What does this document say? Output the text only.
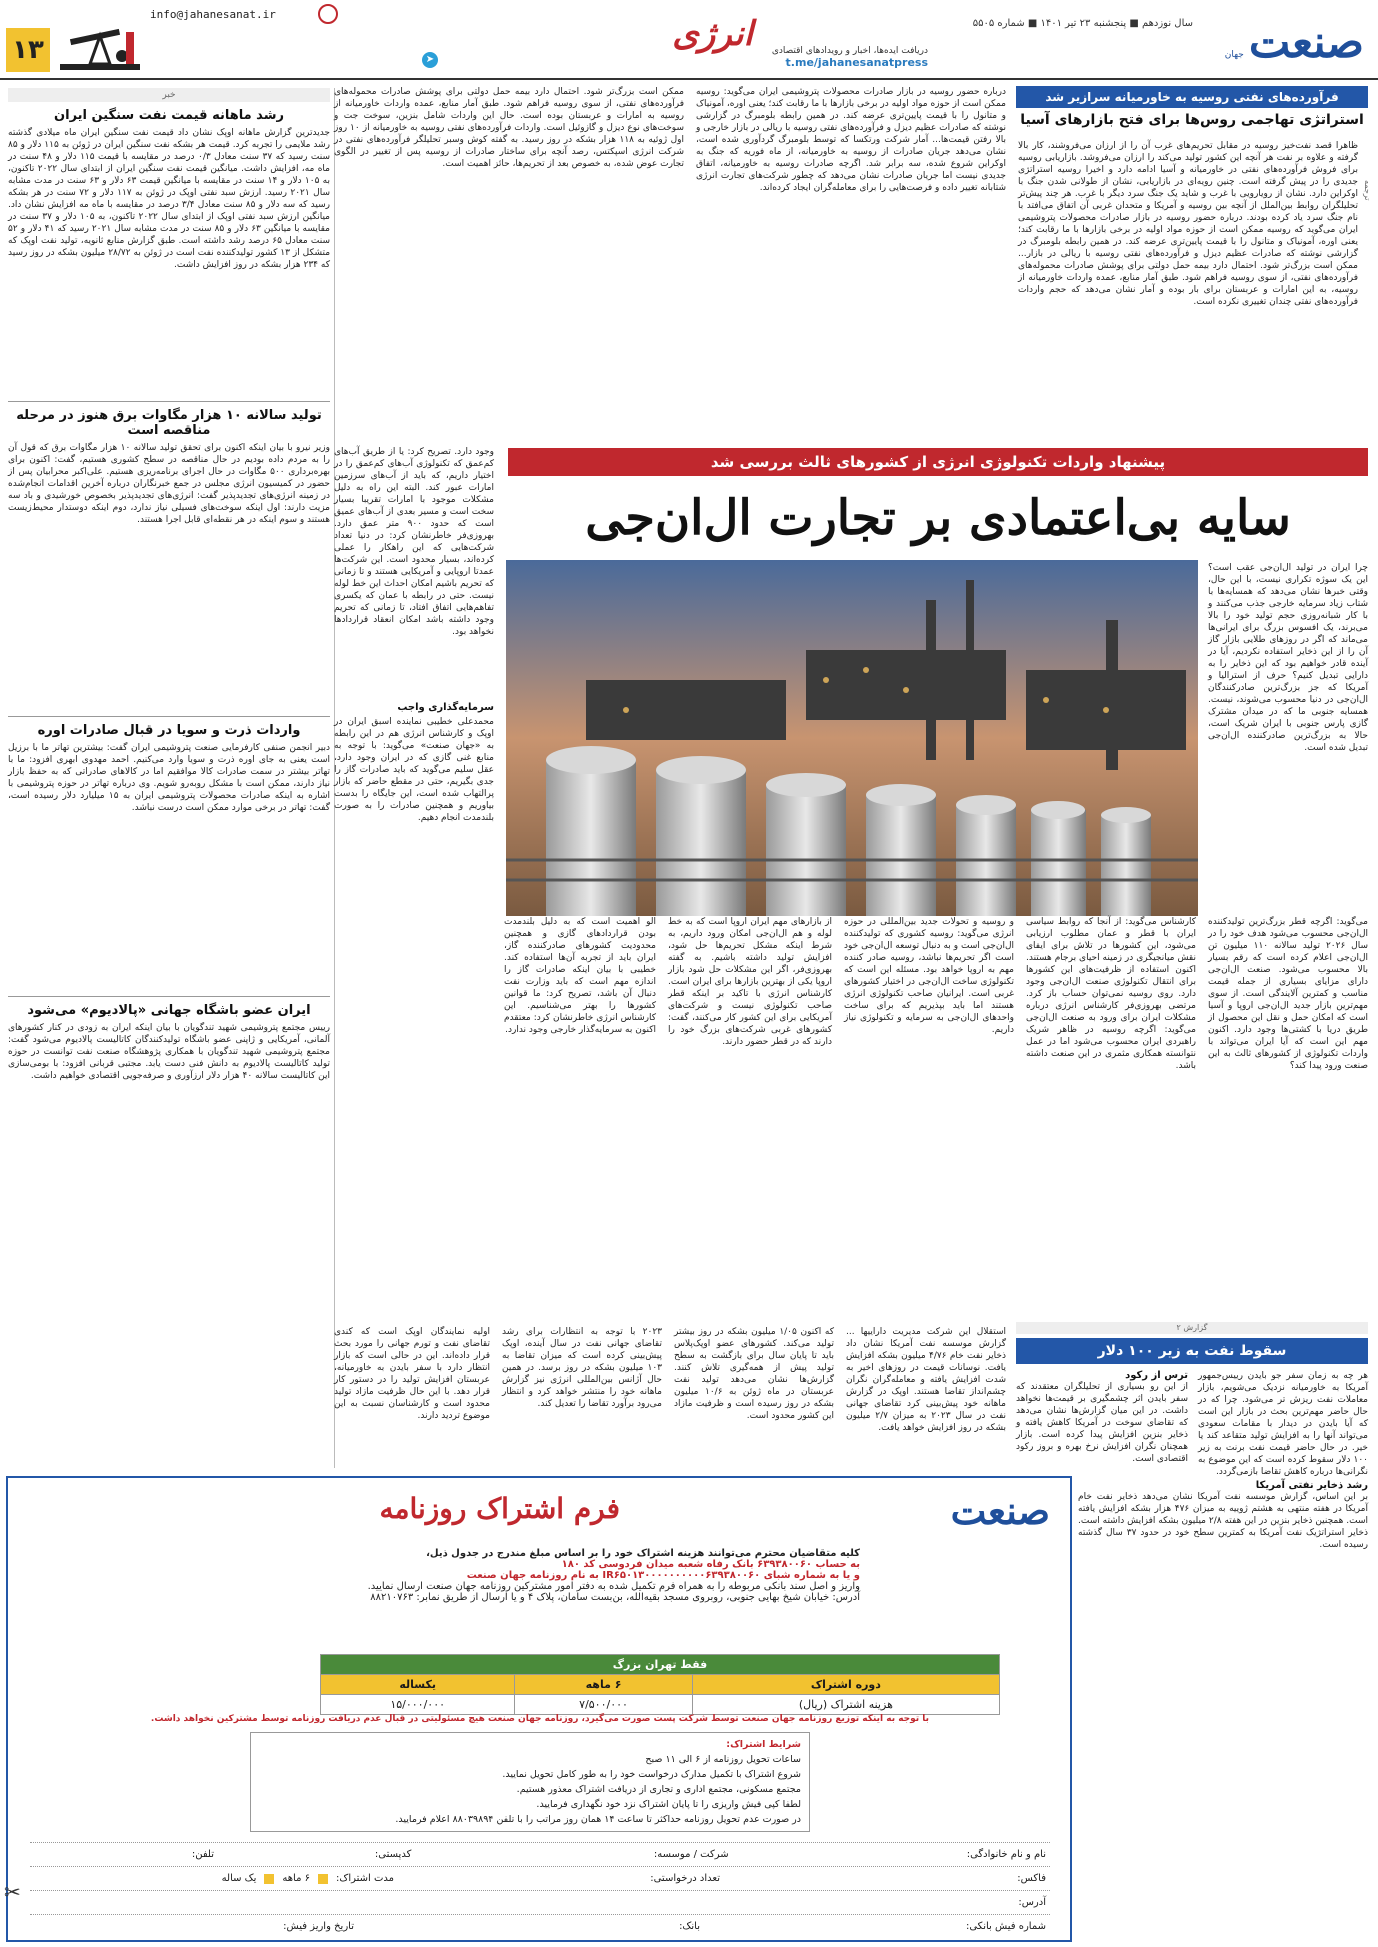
صنعت جهان
سال نوزدهم ■ پنجشنبه ۲۳ تیر ۱۴۰۱ ■ شماره ۵۵۰۵
انرژی	دریافت ایده‌ها، اخبار و رویدادهای اقتصادی
t.me/jahanesanatpress
➤
info@jahanesanat.ir
۱۳
خبر
رشد ماهانه قیمت نفت سنگین ایران
جدیدترین گزارش ماهانه اوپک نشان داد قیمت نفت سنگین ایران ماه میلادی گذشته رشد ملایمی را تجربه کرد. قیمت هر بشکه نفت سنگین ایران در ژوئن به ۱۱۵ دلار و ۸۵ سنت رسید که ۳۷ سنت معادل ۰/۳ درصد در مقایسه با قیمت ۱۱۵ دلار و ۴۸ سنت در ماه مه، افزایش داشت. میانگین قیمت نفت سنگین ایران از ابتدای سال ۲۰۲۲ تاکنون، به ۱۰۵ دلار و ۱۴ سنت در مقایسه با میانگین قیمت ۶۳ دلار و ۶۳ سنت در مدت مشابه سال ۲۰۲۱ رسید. ارزش سبد نفتی اوپک در ژوئن به ۱۱۷ دلار و ۷۲ سنت در هر بشکه رسید که سه دلار و ۸۵ سنت معادل ۳/۴ درصد در مقایسه با ماه مه افزایش نشان داد. میانگین ارزش سبد نفتی اوپک از ابتدای سال ۲۰۲۲ تاکنون، به ۱۰۵ دلار و ۳۷ سنت در مقایسه با میانگین ۶۳ دلار و ۸۵ سنت در مدت مشابه سال ۲۰۲۱ رسید که ۴۱ دلار و ۵۲ سنت معادل ۶۵ درصد رشد داشته است. طبق گزارش منابع ثانویه، تولید نفت اوپک که متشکل از ۱۳ کشور تولیدکننده نفت است در ژوئن به ۲۸/۷۲ میلیون بشکه در روز رسید که ۲۳۴ هزار بشکه در روز افزایش داشت.
تولید سالانه ۱۰ هزار مگاوات برق هنوز در مرحله مناقصه است
وزیر نیرو با بیان اینکه اکنون برای تحقق تولید سالانه ۱۰ هزار مگاوات برق که قول آن را به مردم داده بودیم در حال مناقصه در سطح کشوری هستیم، گفت: اکنون برای بهره‌برداری ۵۰۰ مگاوات در حال اجرای برنامه‌ریزی هستیم. علی‌اکبر محرابیان پس از حضور در کمیسیون انرژی مجلس در جمع خبرنگاران درباره آخرین اقدامات انجام‌شده در زمینه انرژی‌های تجدیدپذیر گفت: انرژی‌های تجدیدپذیر بخصوص خورشیدی و باد سه مزیت دارند: اول اینکه سوخت‌های فسیلی نیاز ندارد، دوم اینکه دوستدار محیط‌زیست هستند و سوم اینکه در هر نقطه‌ای قابل اجرا هستند.
واردات ذرت و سویا در قبال صادرات اوره
دبیر انجمن صنفی کارفرمایی صنعت پتروشیمی ایران گفت: بیشترین تهاتر ما با برزیل است یعنی به جای اوره ذرت و سویا وارد می‌کنیم. احمد مهدوی ابهری افزود: ما با تهاتر بیشتر در سمت صادرات کالا موافقیم اما در کالاهای صادراتی که به حفظ بازار نیاز دارند، ممکن است با مشکل روبه‌رو شویم. وی درباره تهاتر در حوزه پتروشیمی با اشاره به اینکه صادرات محصولات پتروشیمی ایران به ۱۵ میلیارد دلار رسیده است، گفت: تهاتر در برخی موارد ممکن است درست نباشد.
ایران عضو باشگاه جهانی «پالادیوم» می‌شود
رییس مجتمع پتروشیمی شهید تندگویان با بیان اینکه ایران به زودی در کنار کشورهای آلمانی، آمریکایی و ژاپنی عضو باشگاه تولیدکنندگان کاتالیست پالادیوم می‌شود گفت: مجتمع پتروشیمی شهید تندگویان با همکاری پژوهشگاه صنعت نفت توانست در حوزه تولید کاتالیست پالادیوم به دانش فنی دست یابد. مجتبی قربانی افزود: با بومی‌سازی این کاتالیست سالانه ۴۰ هزار دلار ارزآوری و صرفه‌جویی اقتصادی خواهیم داشت.
فرآورده‌های نفتی روسیه به خاورمیانه سرازیر شد
استراتژی تهاجمی روس‌ها برای فتح بازارهای آسیا
ترجمه
ظاهرا قصد نفت‌خیز روسیه در مقابل تحریم‌های غرب آن را از ارزان می‌فروشند، کار بالا گرفته و علاوه بر نفت هر آنچه این کشور تولید می‌کند را ارزان می‌فروشد. بازاریابی روسیه برای فروش فرآورده‌های نفتی در خاورمیانه و آسیا ادامه دارد و اخیرا روسیه استراتژی جدیدی را در پیش گرفته است. چنین رویه‌ای در بازاریابی، نشان از طولانی شدن جنگ با اوکراین دارد. نشان از رویارویی با غرب و شاید یک جنگ سرد دیگر با غرب. هر چند پیش‌تر تحلیلگران روابط بین‌الملل از آنچه بین روسیه و آمریکا و متحدان غربی آن اتفاق می‌افتد با نام جنگ سرد یاد کرده بودند. درباره حضور روسیه در بازار صادرات محصولات پتروشیمی ایران می‌گوید که روسیه ممکن است از حوزه مواد اولیه در برخی بازارها با ما رقابت کند؛ یعنی اوره، آمونیاک و متانول را با قیمت پایین‌تری عرضه کند. در همین رابطه بلومبرگ در گزارشی نوشته که صادرات عظیم دیزل و فرآورده‌های نفتی روسیه با ریالی در بازار... ممکن است بزرگ‌تر شود. احتمال دارد بیمه حمل دولتی برای پوشش صادرات محموله‌های فرآورده‌های نفتی، از سوی روسیه فراهم شود. طبق آمار منابع، عمده واردات خاورمیانه از روسیه، به این امارات و عربستان برای بار بوده و آمار نشان می‌دهد که حجم واردات فرآورده‌های نفتی چندان تغییری نکرده است.
درباره حضور روسیه در بازار صادرات محصولات پتروشیمی ایران می‌گوید: روسیه ممکن است از حوزه مواد اولیه در برخی بازارها با ما رقابت کند؛ یعنی اوره، آمونیاک و متانول را با قیمت پایین‌تری عرضه کند. در همین رابطه بلومبرگ در گزارشی نوشته که صادرات عظیم دیزل و فرآورده‌های نفتی روسیه با ریالی در بازار خارجی و بالا رفتن قیمت‌ها... آمار شرکت ورتکسا که توسط بلومبرگ گردآوری شده است، نشان می‌دهد جریان صادرات از روسیه به خاورمیانه، از ماه فوریه که جنگ به اوکراین شروع شده، سه برابر شد. اگرچه صادرات روسیه به خاورمیانه، اتفاق جدیدی نیست اما جریان صادرات نشان می‌دهد که چطور شرکت‌های تجارت انرژی شتابانه تغییر داده و فرصت‌هایی را برای معامله‌گران ایجاد کرده‌اند.
ممکن است بزرگ‌تر شود. احتمال دارد بیمه حمل دولتی برای پوشش صادرات محموله‌های فرآورده‌های نفتی، از سوی روسیه فراهم شود. طبق آمار منابع، عمده واردات خاورمیانه از روسیه به امارات و عربستان بوده است. حال این واردات شامل بنزین، سوخت جت و سوخت‌های نوع دیزل و گازوئیل است. واردات فرآورده‌های نفتی روسیه به خاورمیانه از ۱۰ روز اول ژوئیه به ۱۱۸ هزار بشکه در روز رسید. به گفته کوش وسبر تحلیلگر فرآورده‌های نفتی در شرکت انرژی اسپکتس، رصد آنچه برای ساختار صادرات از روسیه پس از تغییر در الگوی تجارت عوض شده، به خصوص بعد از تحریم‌ها، حائز اهمیت است.
پیشنهاد واردات تکنولوژی انرژی از کشورهای ثالث بررسی شد
سایه بی‌اعتمادی بر تجارت ال‌ان‌جی
چرا ایران در تولید ال‌ان‌جی عقب است؟ این یک سوژه تکراری نیست، با این حال، وقتی خبرها نشان می‌دهد که همسایه‌ها با شتاب زیاد سرمایه خارجی جذب می‌کنند و با کار شبانه‌روزی حجم تولید خود را بالا می‌برند، یک افسوس بزرگ برای ایرانی‌ها می‌ماند که اگر در روزهای طلایی بازار گاز آن را از این ذخایر استفاده نکردیم، آیا در آینده قادر خواهیم بود که این ذخایر را به دارایی تبدیل کنیم؟ حرف از استرالیا و آمریکا که جز بزرگ‌ترین صادرکنندگان ال‌ان‌جی در دنیا محسوب می‌شوند، نیست. همسایه جنوبی ما که در میدان مشترک گازی پارس جنوبی با ایران شریک است، حالا به بزرگ‌ترین صادرکننده ال‌ان‌جی تبدیل شده است.
می‌گوید: اگرچه قطر بزرگ‌ترین تولیدکننده ال‌ان‌جی محسوب می‌شود هدف خود را در سال ۲۰۲۶ تولید سالانه ۱۱۰ میلیون تن ال‌ان‌جی اعلام کرده است که رقم بسیار بالا محسوب می‌شود. صنعت ال‌ان‌جی دارای مزایای بسیاری از جمله قیمت مناسب و کمترین آلایندگی است. از سوی مهم‌ترین بازار جدید ال‌ان‌جی اروپا و آسیا است که امکان حمل و نقل این محصول از طریق دریا با کشتی‌ها وجود دارد. اکنون مهم این است که آیا ایران می‌تواند با واردات تکنولوژی از کشورهای ثالث به این صنعت ورود پیدا کند؟
کارشناس می‌گوید: از آنجا که روابط سیاسی ایران با قطر و عمان مطلوب ارزیابی می‌شود، این کشورها در تلاش برای ایفای نقش میانجیگری در زمینه احیای برجام هستند. اکنون استفاده از ظرفیت‌های این کشورها برای انتقال تکنولوژی صنعت ال‌ان‌جی وجود دارد. روی روسیه نمی‌توان حساب باز کرد. مرتضی بهروزی‌فر کارشناس انرژی درباره مشکلات ایران برای ورود به صنعت ال‌ان‌جی می‌گوید: اگرچه روسیه در ظاهر شریک راهبردی ایران محسوب می‌شود اما در عمل نتوانسته همکاری مثمری در این صنعت داشته باشد.
و روسیه و تحولات جدید بین‌المللی در حوزه انرژی می‌گوید: روسیه کشوری که تولیدکننده ال‌ان‌جی است و به دنبال توسعه ال‌ان‌جی خود است اگر تحریم‌ها نباشد، روسیه صادر کننده مهم به اروپا خواهد بود. مسئله این است که تکنولوژی ساخت ال‌ان‌جی در اختیار کشورهای غربی است. ایرانیان صاحب تکنولوژی انرژی هستند اما باید بپذیریم که برای ساخت واحدهای ال‌ان‌جی به سرمایه و تکنولوژی نیاز داریم.
از بازارهای مهم ایران اروپا است که به خط لوله و هم ال‌ان‌جی امکان ورود داریم، به شرط اینکه مشکل تحریم‌ها حل شود، افزایش تولید داشته باشیم. به گفته بهروزی‌فر، اگر این مشکلات حل شود بازار اروپا یکی از بهترین بازارها برای ایران است. کارشناس انرژی با تاکید بر اینکه قطر صاحب تکنولوژی نیست و شرکت‌های آمریکایی برای این کشور کار می‌کنند، گفت: کشورهای غربی شرکت‌های بزرگ خود را دارند که در قطر حضور دارند.
الو اهمیت است که به دلیل بلندمدت بودن قراردادهای گازی و همچنین محدودیت کشورهای صادرکننده گاز، ایران باید از تجربه آن‌ها استفاده کند. خطیبی با بیان اینکه صادرات گاز را اندازه مهم است که باید وزارت نفت دنبال آن باشد، تصریح کرد: ما قوانین کشورها را بهتر می‌شناسیم. این کارشناس انرژی خاطرنشان کرد: معتقدم اکنون به سرمایه‌گذار خارجی وجود ندارد.
وجود دارد. تصریح کرد: یا از طریق آب‌های کم‌عمق که تکنولوژی آب‌های کم‌عمق را در اختیار داریم، که باید از آب‌های سرزمین امارات عبور کند. البته این راه به دلیل مشکلات موجود با امارات تقریبا بسیار سخت است و مسیر بعدی از آب‌های عمیق است که حدود ۹۰۰ متر عمق دارد. بهروزی‌فر خاطرنشان کرد: در دنیا تعداد شرکت‌هایی که این راهکار را عملی کرده‌اند، بسیار محدود است. این شرکت‌ها عمدتا اروپایی و آمریکایی هستند و تا زمانی که تحریم باشیم امکان احداث این خط لوله نیست. حتی در رابطه با عمان که یکسری تفاهم‌هایی اتفاق افتاد، تا زمانی که تحریم وجود داشته باشد امکان انعقاد قراردادها نخواهد بود.
سرمایه‌گذاری واجب
محمدعلی خطیبی نماینده اسبق ایران در اوپک و کارشناس انرژی هم در این رابطه به «جهان صنعت» می‌گوید: با توجه به منابع غنی گازی که در ایران وجود دارد، عقل سلیم می‌گوید که باید صادرات گاز را جدی بگیریم، حتی در مقطع حاضر که بازار پرالتهاب شده است، این جایگاه را بدست بیاوریم و همچنین صادرات را به صورت بلندمدت انجام دهیم.
گزارش ۲
سقوط نفت به زیر ۱۰۰ دلار
هر چه به زمان سفر جو بایدن رییس‌جمهور آمریکا به خاورمیانه نزدیک می‌شویم، بازار معاملات نفت ریزش تر می‌شود. چرا که در حال حاضر مهم‌ترین بحث در بازار این است که آیا بایدن در دیدار با مقامات سعودی می‌تواند آنها را به افزایش تولید متقاعد کند یا خیر. در حال حاضر قیمت نفت برنت به زیر ۱۰۰ دلار سقوط کرده است که این موضوع به نگرانی‌ها درباره کاهش تقاضا بازمی‌گردد.
ترس از رکود
از این رو بسیاری از تحلیلگران معتقدند که سفر بایدن اثر چشمگیری بر قیمت‌ها نخواهد داشت. در این میان گزارش‌ها نشان می‌دهد که تقاضای سوخت در آمریکا کاهش یافته و ذخایر بنزین افزایش پیدا کرده است. بازار همچنان نگران افزایش نرخ بهره و بروز رکود اقتصادی است.
استقلال این شرکت مدیریت داراییها ... گزارش موسسه نفت آمریکا نشان داد ذخایر نفت خام ۴/۷۶ میلیون بشکه افزایش یافت. نوسانات قیمت در روزهای اخیر به شدت افزایش یافته و معامله‌گران نگران چشم‌انداز تقاضا هستند. اوپک در گزارش ماهانه خود پیش‌بینی کرد تقاضای جهانی نفت در سال ۲۰۲۳ به میزان ۲/۷ میلیون بشکه در روز افزایش خواهد یافت.
که اکنون ۱/۰۵ میلیون بشکه در روز بیشتر تولید می‌کند. کشورهای عضو اوپک‌پلاس باید تا پایان سال برای بازگشت به سطح تولید پیش از همه‌گیری تلاش کنند. گزارش‌ها نشان می‌دهد تولید نفت عربستان در ماه ژوئن به ۱۰/۶ میلیون بشکه در روز رسیده است و ظرفیت مازاد این کشور محدود است.
۲۰۲۳ با توجه به انتظارات برای رشد تقاضای جهانی نفت در سال آینده، اوپک پیش‌بینی کرده است که میزان تقاضا به ۱۰۳ میلیون بشکه در روز برسد. در همین حال آژانس بین‌المللی انرژی نیز گزارش ماهانه خود را منتشر خواهد کرد و انتظار می‌رود برآورد تقاضا را تعدیل کند.
اولیه نمایندگان اوپک است که کندی تقاضای نفت و تورم جهانی را مورد بحث قرار داده‌اند. این در حالی است که بازار انتظار دارد با سفر بایدن به خاورمیانه، عربستان افزایش تولید را در دستور کار قرار دهد. با این حال ظرفیت مازاد تولید محدود است و کارشناسان نسبت به این موضوع تردید دارند.
رشد ذخایر نفتی آمریکا
بر این اساس، گزارش موسسه نفت آمریکا نشان می‌دهد ذخایر نفت خام آمریکا در هفته منتهی به هشتم ژوییه به میزان ۴۷۶ هزار بشکه افزایش یافته است. همچنین ذخایر بنزین در این هفته ۲/۸ میلیون بشکه افزایش داشته است. ذخایر استراتژیک نفت آمریکا به کمترین سطح خود در حدود ۳۷ سال گذشته رسیده است.
صنعت
فرم اشتراک روزنامه
کلیه متقاضیان محترم می‌توانند هزینه اشتراک خود را بر اساس مبلغ مندرج در جدول ذیل،
به حساب ۶۳۹۳۸۰۰۶۰ بانک رفاه شعبه میدان فردوسی کد ۱۸۰
و یا به شماره شبای IR۶۵۰۱۳۰۰۰۰۰۰۰۰۰۰۶۳۹۳۸۰۰۶۰ به نام روزنامه جهان صنعت
واریز و اصل سند بانکی مربوطه را به همراه فرم تکمیل شده به دفتر امور مشترکین روزنامه جهان صنعت ارسال نمایید.
آدرس: خیابان شیخ بهایی جنوبی، روبروی مسجد بقیه‌الله، بن‌بست سامان، پلاک ۴ و یا ارسال از طریق نمابر: ۸۸۲۱۰۷۶۳
فقط تهران بزرگ		
دوره اشتراک	۶ ماهه	یکساله
هزینه اشتراک (ریال)	۷/۵۰۰/۰۰۰	۱۵/۰۰۰/۰۰۰
با توجه به اینکه توزیع روزنامه جهان صنعت توسط شرکت پست صورت می‌گیرد، روزنامه جهان صنعت هیچ مسئولیتی در قبال عدم دریافت روزنامه توسط مشترکین نخواهد داشت.
شرایط اشتراک:
ساعات تحویل روزنامه از ۶ الی ۱۱ صبح
شروع اشتراک با تکمیل مدارک درخواست خود را به طور کامل تحویل نمایید.
مجتمع مسکونی، مجتمع اداری و تجاری از دریافت اشتراک معذور هستیم.
لطفا کپی فیش واریزی را تا پایان اشتراک نزد خود نگهداری فرمایید.
در صورت عدم تحویل روزنامه حداکثر تا ساعت ۱۴ همان روز مراتب را با تلفن ۸۸۰۳۹۸۹۴ اعلام فرمایید.
نام و نام خانوادگی:
شرکت / موسسه:
کدپستی:
تلفن:
فاکس:
تعداد درخواستی:
مدت اشتراک:
۶ ماهه
یک ساله
آدرس:
شماره فیش بانکی:
بانک:
تاریخ واریز فیش:
✂
